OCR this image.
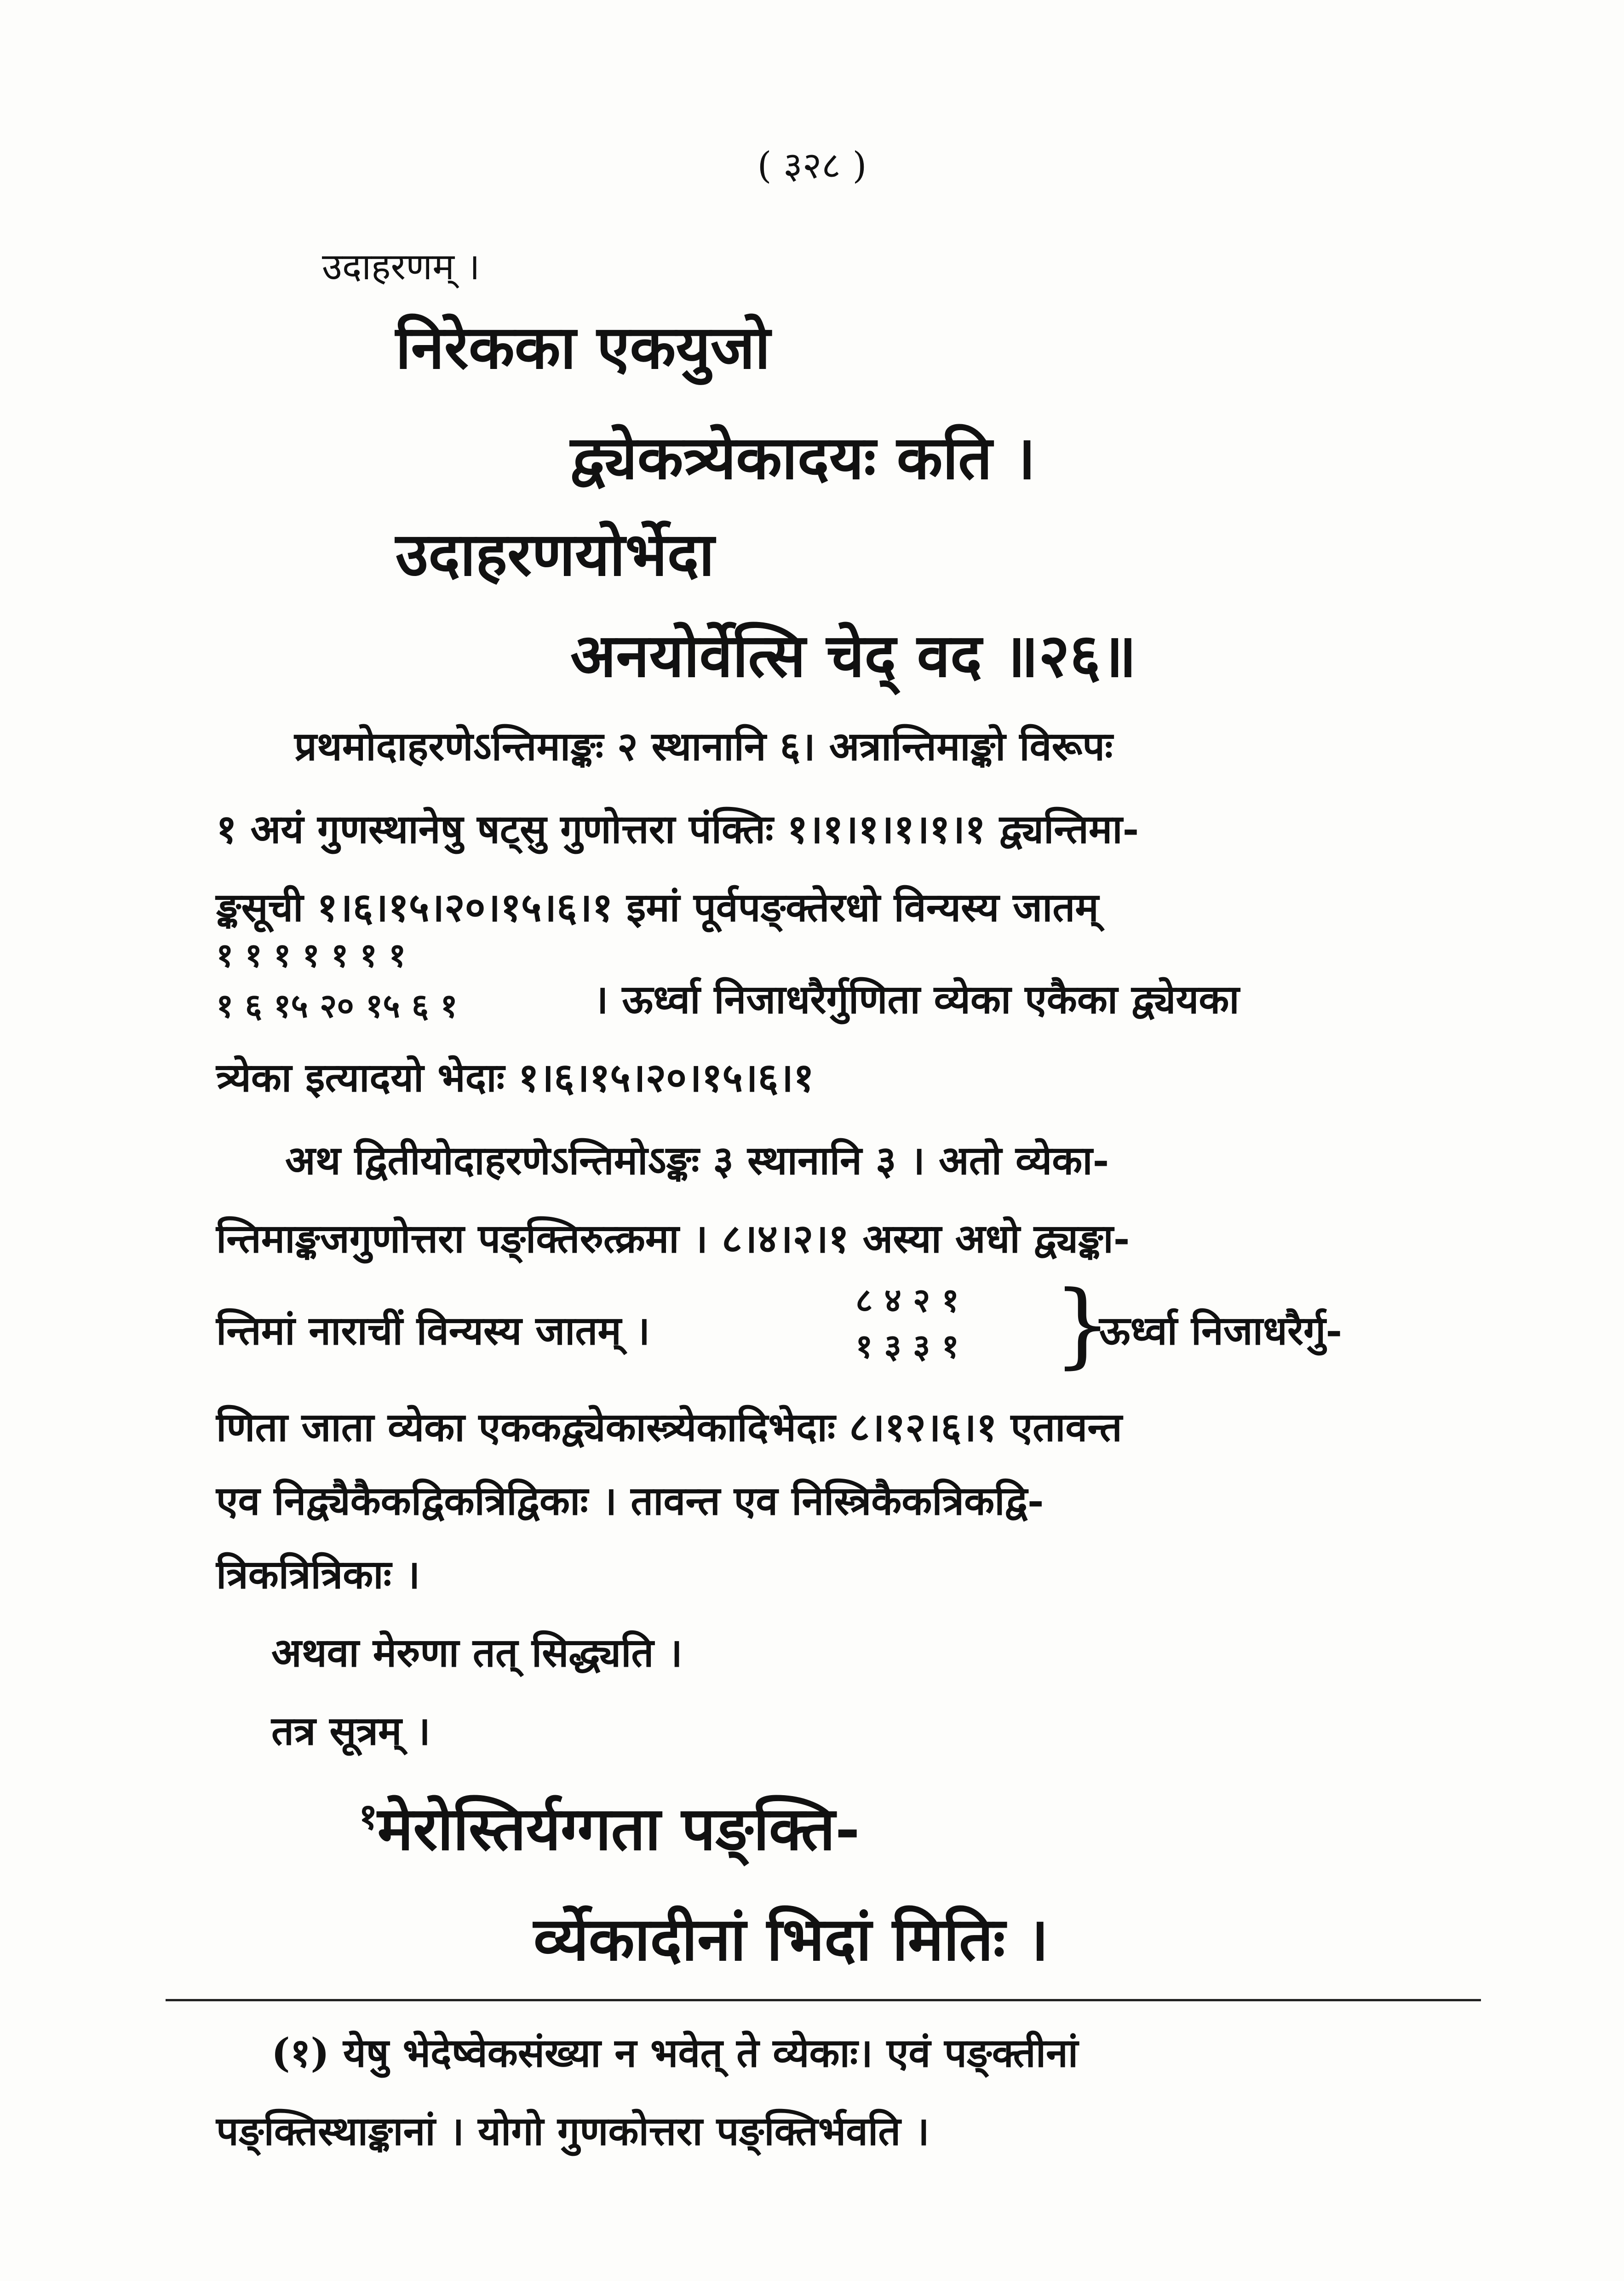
( ३२८ )
उदाहरणम् ।
निरेकका एकयुजो
द्व्येकत्र्येकादयः कति ।
उदाहरणयोर्भेदा
अनयोर्वेत्सि चेद् वद ॥२६॥
प्रथमोदाहरणेऽन्तिमाङ्कः २ स्थानानि ६। अत्रान्तिमाङ्को विरूपः
१ अयं गुणस्थानेषु षट्सु गुणोत्तरा पंक्तिः १।१।१।१।१।१ द्व्यन्तिमा-
ङ्कसूची १।६।१५।२०।१५।६।१ इमां पूर्वपङ्क्तेरधो विन्यस्य जातम्
१ १ १ १ १ १ १
१ ६ १५ २० १५ ६ १	। ऊर्ध्वा निजाधरैर्गुणिता व्येका एकैका द्व्येयका
त्र्येका इत्यादयो भेदाः १।६।१५।२०।१५।६।१
अथ द्वितीयोदाहरणेऽन्तिमोऽङ्कः ३ स्थानानि ३ । अतो व्येका-
न्तिमाङ्कजगुणोत्तरा पङ्क्तिरुत्क्रमा । ८।४।२।१ अस्या अधो द्व्यङ्का-
न्तिमां नाराचीं विन्यस्य जातम् ।
८ ४ २ १
१ ३ ३ १ }
ऊर्ध्वा निजाधरैर्गु-
णिता जाता व्येका एककद्व्येकास्त्र्येकादिभेदाः ८।१२।६।१ एतावन्त
एव निद्व्यैकैकद्विकत्रिद्विकाः । तावन्त एव निस्त्रिकैकत्रिकद्वि-
त्रिकत्रित्रिकाः ।
अथवा मेरुणा तत् सिद्ध्यति ।
तत्र सूत्रम् ।
$^१$मेरोस्तिर्यग्गता पङ्क्ति-
र्व्येकादीनां भिदां मितिः ।
(१) येषु भेदेष्वेकसंख्या न भवेत् ते व्येकाः। एवं पङ्क्तीनां
पङ्क्तिस्थाङ्कानां । योगो गुणकोत्तरा पङ्क्तिर्भवति ।
